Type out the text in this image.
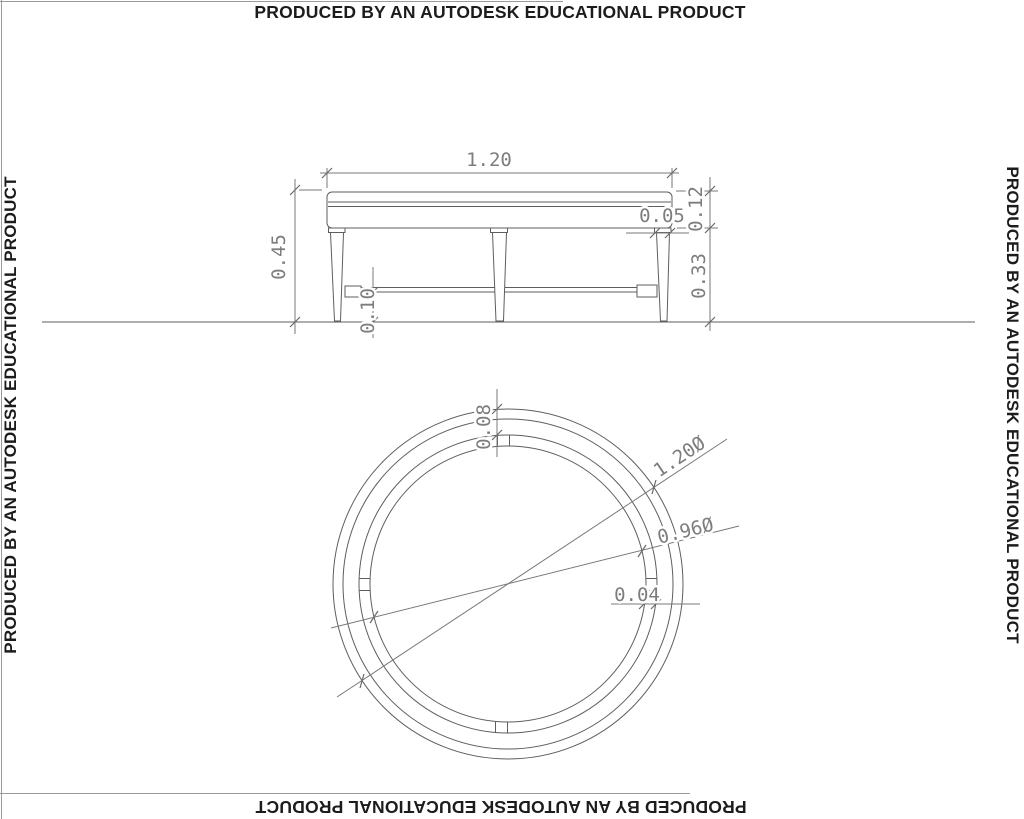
1.20
0.45
0.12
0.33
0.05
0.10
0.08
1.20Ø
0.96Ø
0.04
PRODUCED BY AN AUTODESK EDUCATIONAL PRODUCT
PRODUCED BY AN AUTODESK EDUCATIONAL PRODUCT	PRODUCED BY AN AUTODESK EDUCATIONAL PRODUCT
PRODUCED BY AN AUTODESK EDUCATIONAL PRODUCT
